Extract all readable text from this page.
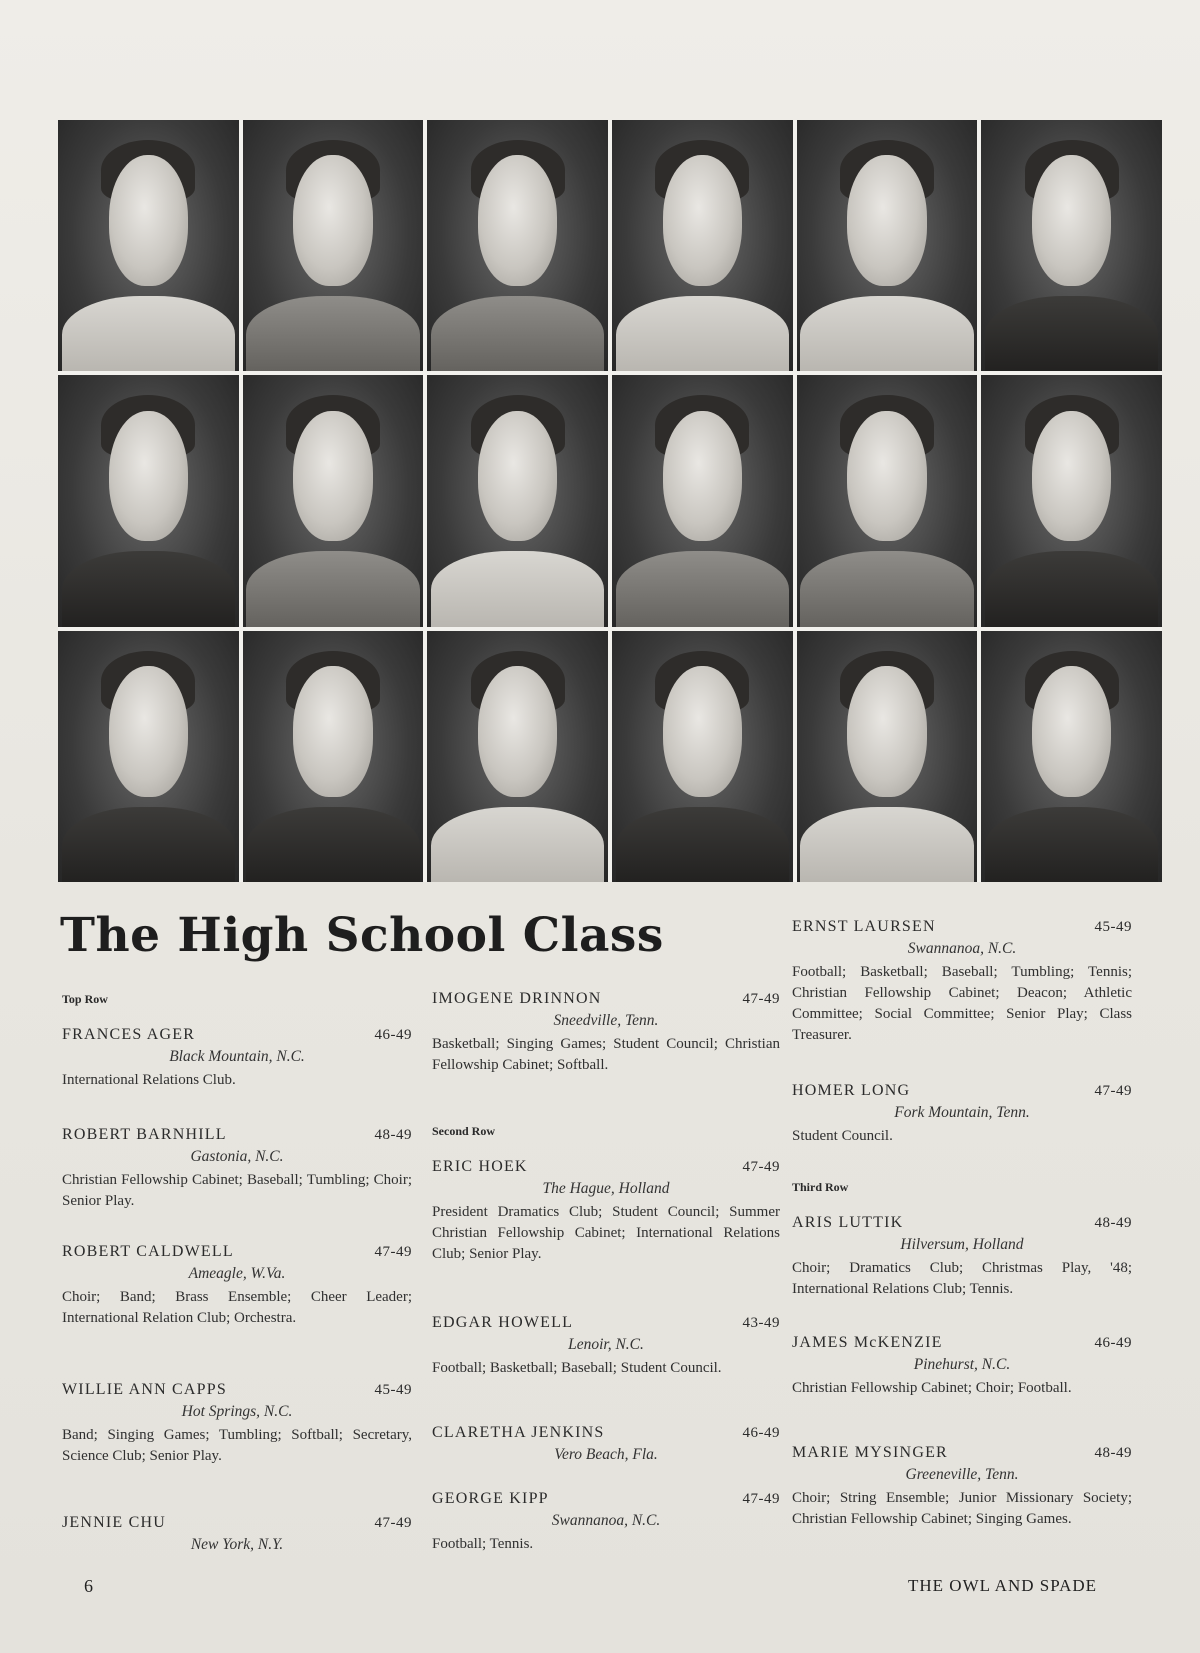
The High School Class
Top Row
FRANCES AGER	46-49
Black Mountain, N.C.
International Relations Club.
ROBERT BARNHILL	48-49
Gastonia, N.C.
Christian Fellowship Cabinet; Baseball; Tumbling; Choir; Senior Play.
ROBERT CALDWELL	47-49
Ameagle, W.Va.
Choir; Band; Brass Ensemble; Cheer Leader; International Relation Club; Orchestra.
WILLIE ANN CAPPS	45-49
Hot Springs, N.C.
Band; Singing Games; Tumbling; Softball; Secretary, Science Club; Senior Play.
JENNIE CHU	47-49
New York, N.Y.
IMOGENE DRINNON	47-49
Sneedville, Tenn.
Basketball; Singing Games; Student Council; Christian Fellowship Cabinet; Softball.
Second Row
ERIC HOEK	47-49
The Hague, Holland
President Dramatics Club; Student Council; Summer Christian Fellowship Cabinet; International Relations Club; Senior Play.
EDGAR HOWELL	43-49
Lenoir, N.C.
Football; Basketball; Baseball; Student Council.
CLARETHA JENKINS	46-49
Vero Beach, Fla.
GEORGE KIPP	47-49
Swannanoa, N.C.
Football; Tennis.
ERNST LAURSEN	45-49
Swannanoa, N.C.
Football; Basketball; Baseball; Tumbling; Tennis; Christian Fellowship Cabinet; Deacon; Athletic Committee; Social Committee; Senior Play; Class Treasurer.
HOMER LONG	47-49
Fork Mountain, Tenn.
Student Council.
Third Row
ARIS LUTTIK	48-49
Hilversum, Holland
Choir; Dramatics Club; Christmas Play, '48; International Relations Club; Tennis.
JAMES McKENZIE	46-49
Pinehurst, N.C.
Christian Fellowship Cabinet; Choir; Football.
MARIE MYSINGER	48-49
Greeneville, Tenn.
Choir; String Ensemble; Junior Missionary Society; Christian Fellowship Cabinet; Singing Games.
6	THE OWL AND SPADE
